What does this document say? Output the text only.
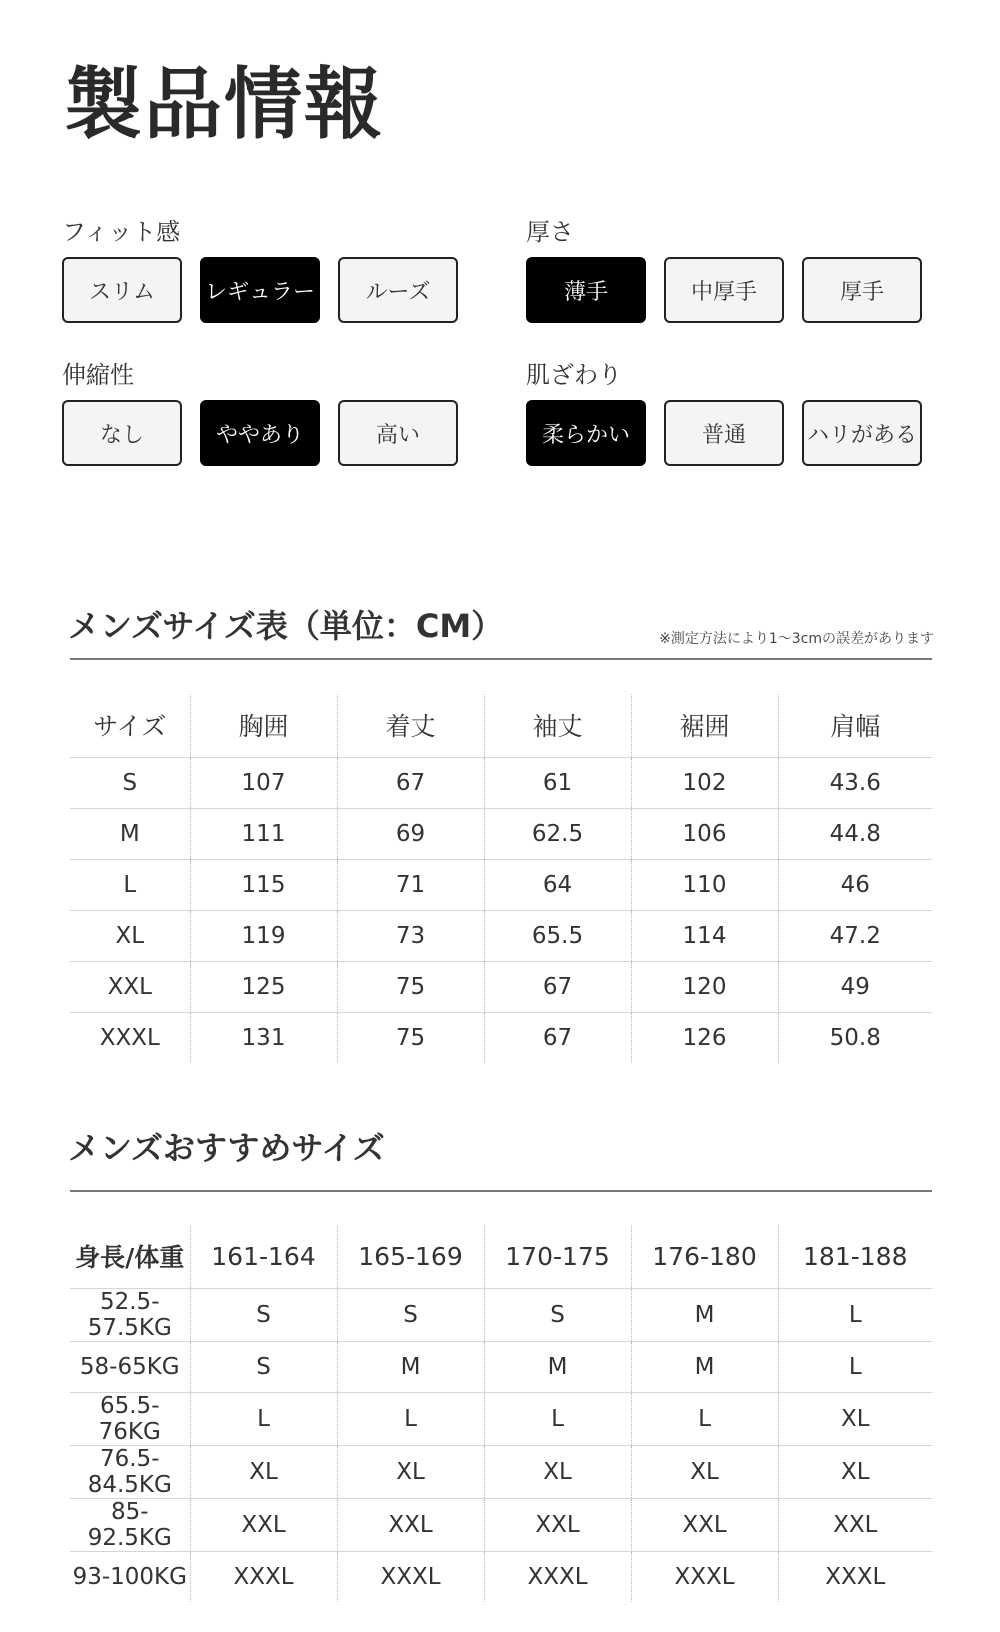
製品情報
フィット感
スリム	レギュラー	ルーズ
厚さ
薄手	中厚手	厚手
伸縮性
なし	ややあり	高い
肌ざわり
柔らかい	普通	ハリがある
メンズサイズ表（単位：CM）	※測定方法により1〜3cmの誤差があります
サイズ	胸囲	着丈	袖丈	裾囲	肩幅
S	107	67	61	102	43.6
M	111	69	62.5	106	44.8
L	115	71	64	110	46
XL	119	73	65.5	114	47.2
XXL	125	75	67	120	49
XXXL	131	75	67	126	50.8
メンズおすすめサイズ
身長/体重	161-164	165-169	170-175	176-180	181-188
52.5-57.5KG	S	S	S	M	L
58-65KG	S	M	M	M	L
65.5-76KG	L	L	L	L	XL
76.5-84.5KG	XL	XL	XL	XL	XL
85-92.5KG	XXL	XXL	XXL	XXL	XXL
93-100KG	XXXL	XXXL	XXXL	XXXL	XXXL
